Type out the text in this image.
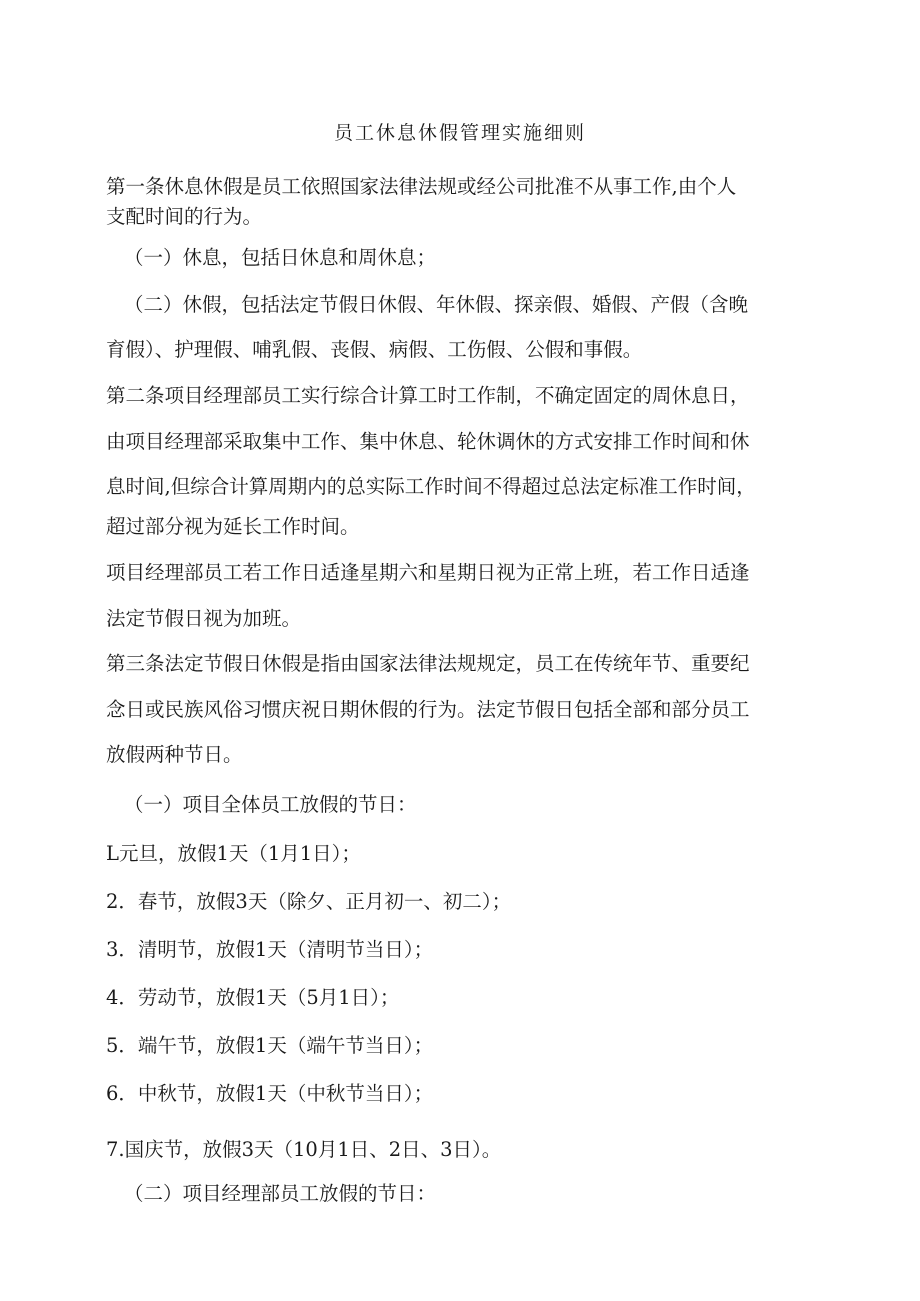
员工休息休假管理实施细则
第一条休息休假是员工依照国家法律法规或经公司批准不从事工作,由个人
支配时间的行为。
（一）休息，包括日休息和周休息；
（二）休假，包括法定节假日休假、年休假、探亲假、婚假、产假（含晚
育假）、护理假、哺乳假、丧假、病假、工伤假、公假和事假。
第二条项目经理部员工实行综合计算工时工作制，不确定固定的周休息日，
由项目经理部采取集中工作、集中休息、轮休调休的方式安排工作时间和休
息时间,但综合计算周期内的总实际工作时间不得超过总法定标准工作时间，
超过部分视为延长工作时间。
项目经理部员工若工作日适逢星期六和星期日视为正常上班，若工作日适逢
法定节假日视为加班。
第三条法定节假日休假是指由国家法律法规规定，员工在传统年节、重要纪
念日或民族风俗习惯庆祝日期休假的行为。法定节假日包括全部和部分员工
放假两种节日。
（一）项目全体员工放假的节日：
L元旦，放假1天（1月1日）；
2．春节，放假3天（除夕、正月初一、初二）；
3．清明节，放假1天（清明节当日）；
4．劳动节，放假1天（5月1日）；
5．端午节，放假1天（端午节当日）；
6．中秋节，放假1天（中秋节当日）；
7.国庆节，放假3天（10月1日、2日、3日）。
（二）项目经理部员工放假的节日：
